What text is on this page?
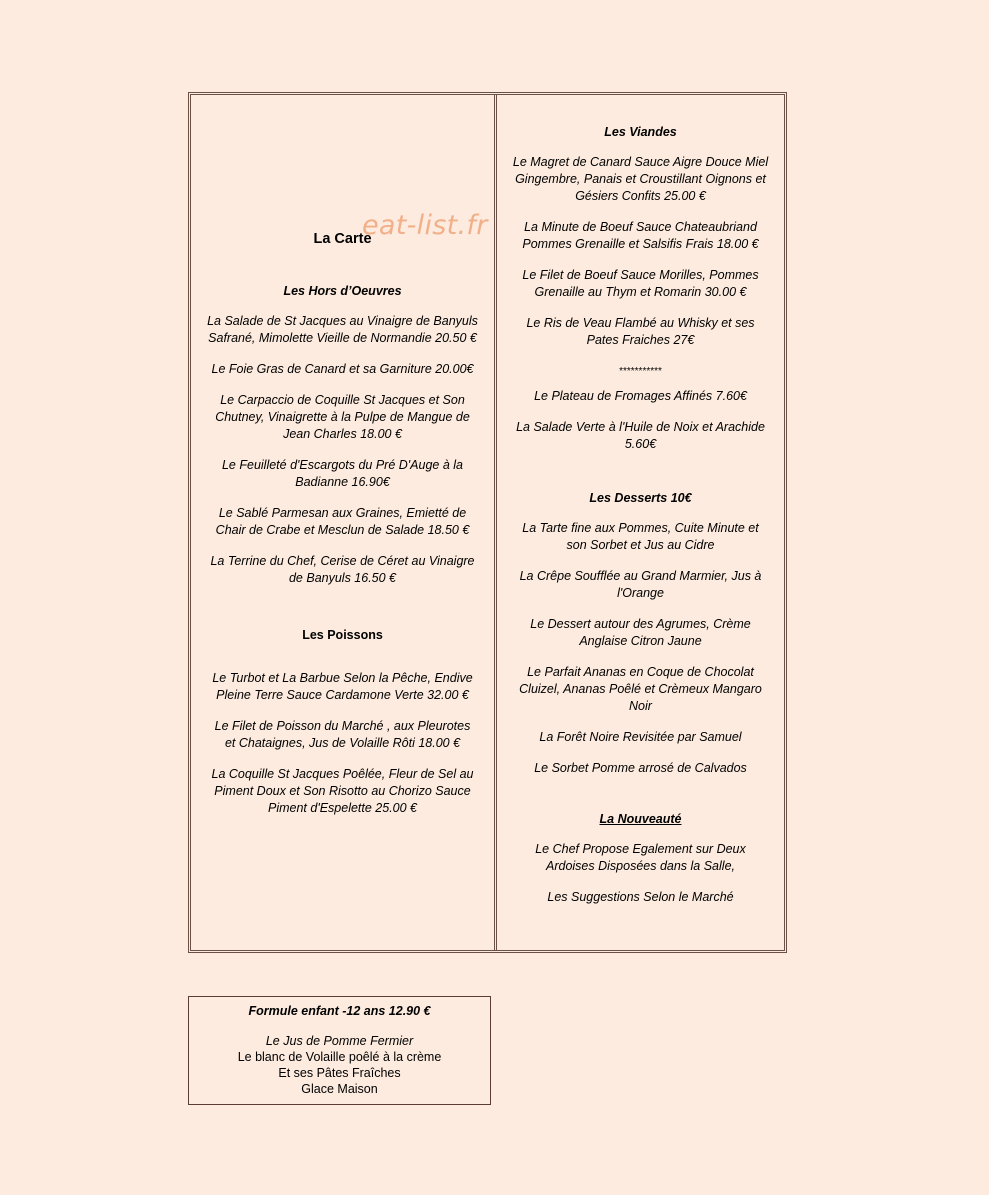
La Carte

Les Hors d’Oeuvres

La Salade de St Jacques au Vinaigre de Banyuls

Safrané, Mimolette Vieille de Normandie 20.50 €

Le Foie Gras de Canard et sa Garniture 20.00€

Le Carpaccio de Coquille St Jacques et Son

Chutney, Vinaigrette à la Pulpe de Mangue de

Jean Charles 18.00 €

Le Feuilleté d'Escargots du Pré D'Auge à la

Badianne 16.90€

Le Sablé Parmesan aux Graines, Emietté de

Chair de Crabe et Mesclun de Salade 18.50 €

La Terrine du Chef, Cerise de Céret au Vinaigre

de Banyuls 16.50 €

Les Poissons

Le Turbot et La Barbue Selon la Pêche, Endive

Pleine Terre Sauce Cardamone Verte 32.00 €

Le Filet de Poisson du Marché , aux Pleurotes

et Chataignes, Jus de Volaille Rôti 18.00 €

La Coquille St Jacques Poêlée, Fleur de Sel au

Piment Doux et Son Risotto au Chorizo Sauce

Piment d'Espelette 25.00 €

Les Viandes

Le Magret de Canard Sauce Aigre Douce Miel

Gingembre, Panais et Croustillant Oignons et

Gésiers Confits 25.00 €

La Minute de Boeuf Sauce Chateaubriand

Pommes Grenaille et Salsifis Frais 18.00 €

Le Filet de Boeuf Sauce Morilles, Pommes

Grenaille au Thym et Romarin 30.00 €

Le Ris de Veau Flambé au Whisky et ses

Pates Fraiches 27€

***********

Le Plateau de Fromages Affinés 7.60€

La Salade Verte à l'Huile de Noix et Arachide

5.60€

Les Desserts 10€

La Tarte fine aux Pommes, Cuite Minute et

son Sorbet et Jus au Cidre

La Crêpe Soufflée au Grand Marmier, Jus à

l'Orange

Le Dessert autour des Agrumes, Crème

Anglaise Citron Jaune

Le Parfait Ananas en Coque de Chocolat

Cluizel, Ananas Poêlé et Crèmeux Mangaro

Noir

La Forêt Noire Revisitée par Samuel

Le Sorbet Pomme arrosé de Calvados

La Nouveauté

Le Chef Propose Egalement sur Deux

Ardoises Disposées dans la Salle,

Les Suggestions Selon le Marché

eat-list.fr

Formule enfant -12 ans 12.90 €

Le Jus de Pomme Fermier

Le blanc de Volaille poêlé à la crème

Et ses Pâtes Fraîches

Glace Maison
